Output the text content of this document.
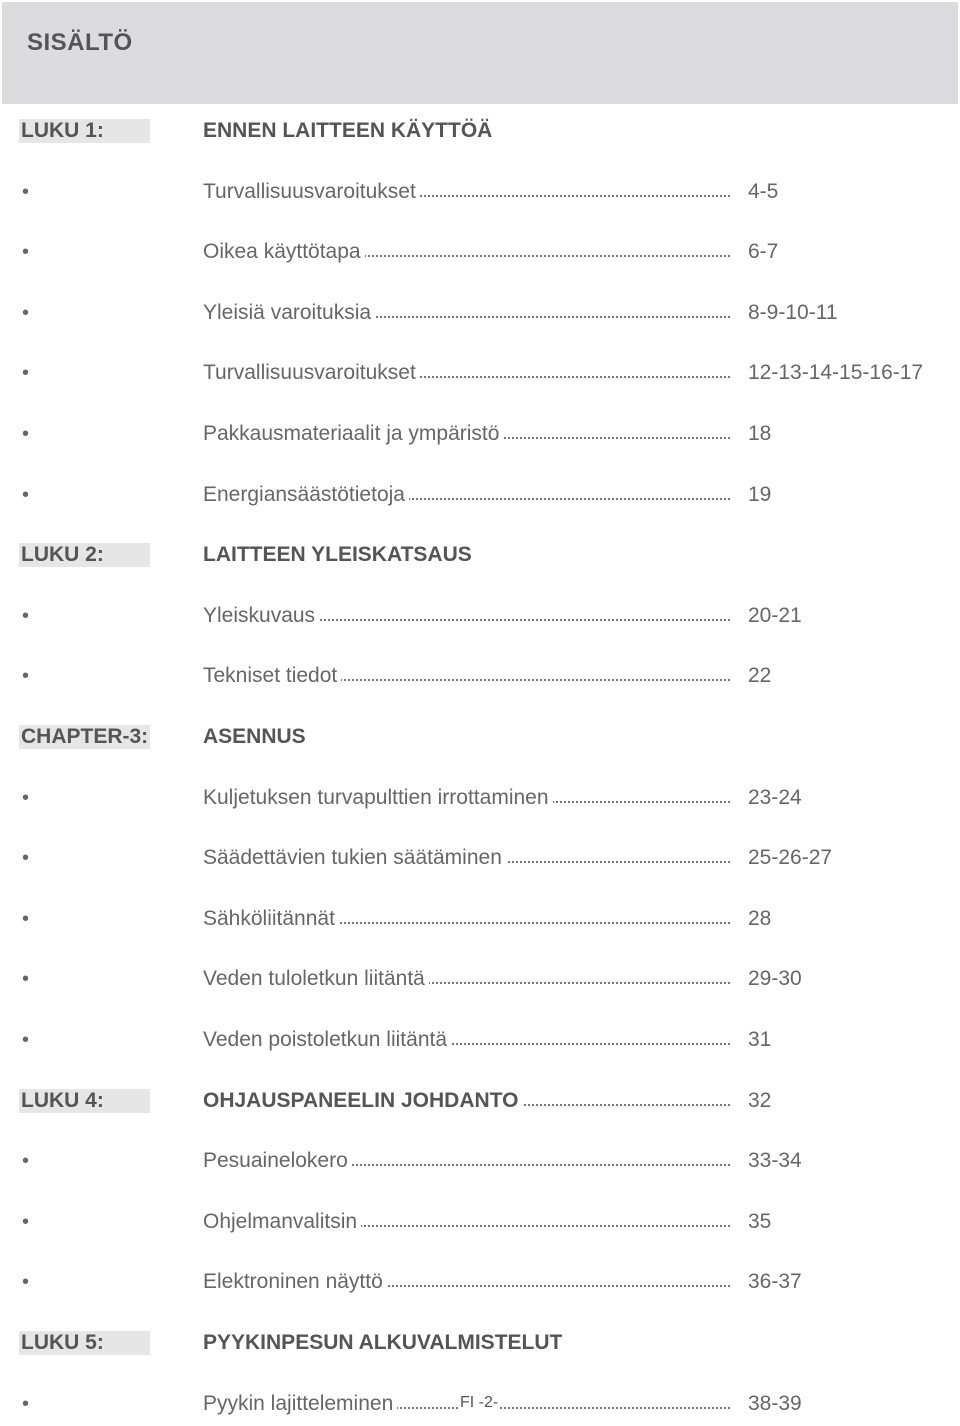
SISÄLTÖ
LUKU 1:	ENNEN LAITTEEN KÄYTTÖÄ
•	Turvallisuusvaroitukset	4-5
•	Oikea käyttötapa	6-7
•	Yleisiä varoituksia	8-9-10-11
•	Turvallisuusvaroitukset	12-13-14-15-16-17
•	Pakkausmateriaalit ja ympäristö	18
•	Energiansäästötietoja	19
LUKU 2:	LAITTEEN YLEISKATSAUS
•	Yleiskuvaus	20-21
•	Tekniset tiedot	22
CHAPTER-3:	ASENNUS
•	Kuljetuksen turvapulttien irrottaminen	23-24
•	Säädettävien tukien säätäminen	25-26-27
•	Sähköliitännät	28
•	Veden tuloletkun liitäntä	29-30
•	Veden poistoletkun liitäntä	31
LUKU 4:	OHJAUSPANEELIN JOHDANTO	32
•	Pesuainelokero	33-34
•	Ohjelmanvalitsin	35
•	Elektroninen näyttö	36-37
LUKU 5:	PYYKINPESUN ALKUVALMISTELUT
•	Pyykin lajitteleminen	38-39
FI -2-
